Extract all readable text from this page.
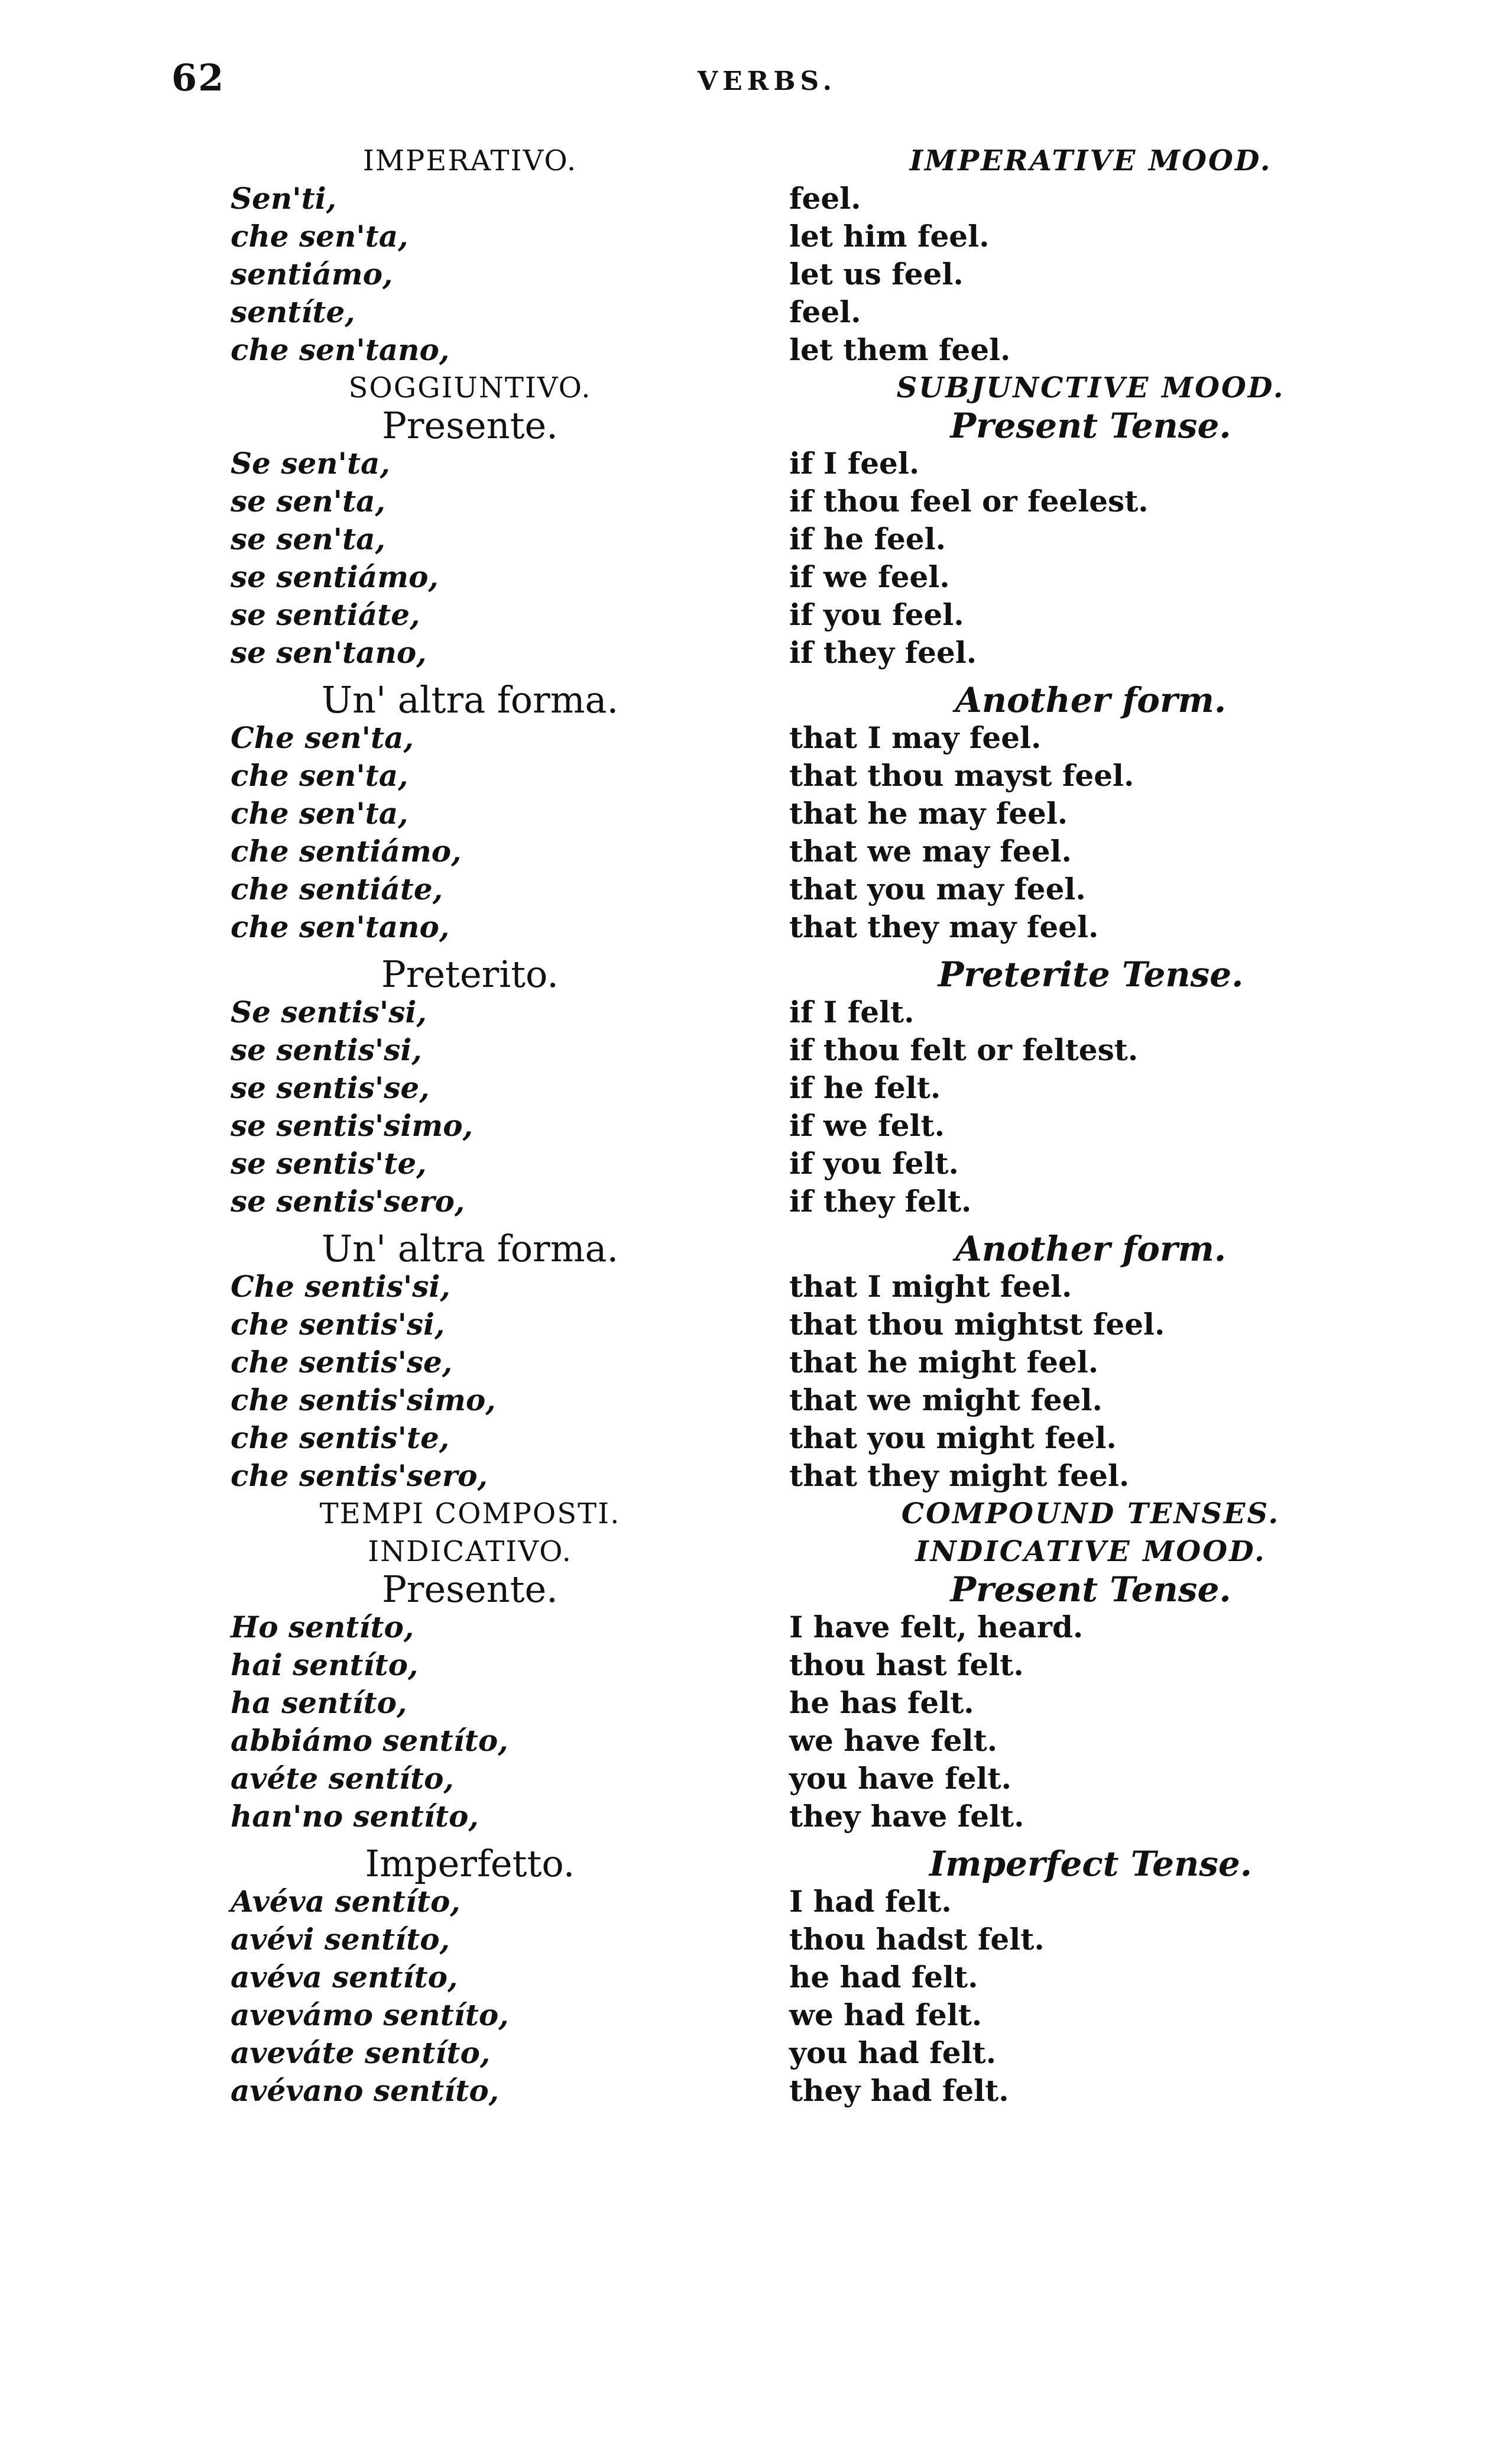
62	VERBS.
IMPERATIVO.
Sen'ti,
che sen'ta,
sentiámo,
sentíte,
che sen'tano,
SOGGIUNTIVO.
Presente.
Se sen'ta,
se sen'ta,
se sen'ta,
se sentiámo,
se sentiáte,
se sen'tano,
Un' altra forma.
Che sen'ta,
che sen'ta,
che sen'ta,
che sentiámo,
che sentiáte,
che sen'tano,
Preterito.
Se sentis'si,
se sentis'si,
se sentis'se,
se sentis'simo,
se sentis'te,
se sentis'sero,
Un' altra forma.
Che sentis'si,
che sentis'si,
che sentis'se,
che sentis'simo,
che sentis'te,
che sentis'sero,
TEMPI COMPOSTI.
INDICATIVO.
Presente.
Ho sentíto,
hai sentíto,
ha sentíto,
abbiámo sentíto,
avéte sentíto,
han'no sentíto,
Imperfetto.
Avéva sentíto,
avévi sentíto,
avéva sentíto,
avevámo sentíto,
aveváte sentíto,
avévano sentíto,
IMPERATIVE MOOD.
feel.
let him feel.
let us feel.
feel.
let them feel.
SUBJUNCTIVE MOOD.
Present Tense.
if I feel.
if thou feel or feelest.
if he feel.
if we feel.
if you feel.
if they feel.
Another form.
that I may feel.
that thou mayst feel.
that he may feel.
that we may feel.
that you may feel.
that they may feel.
Preterite Tense.
if I felt.
if thou felt or feltest.
if he felt.
if we felt.
if you felt.
if they felt.
Another form.
that I might feel.
that thou mightst feel.
that he might feel.
that we might feel.
that you might feel.
that they might feel.
COMPOUND TENSES.
INDICATIVE MOOD.
Present Tense.
I have felt, heard.
thou hast felt.
he has felt.
we have felt.
you have felt.
they have felt.
Imperfect Tense.
I had felt.
thou hadst felt.
he had felt.
we had felt.
you had felt.
they had felt.
